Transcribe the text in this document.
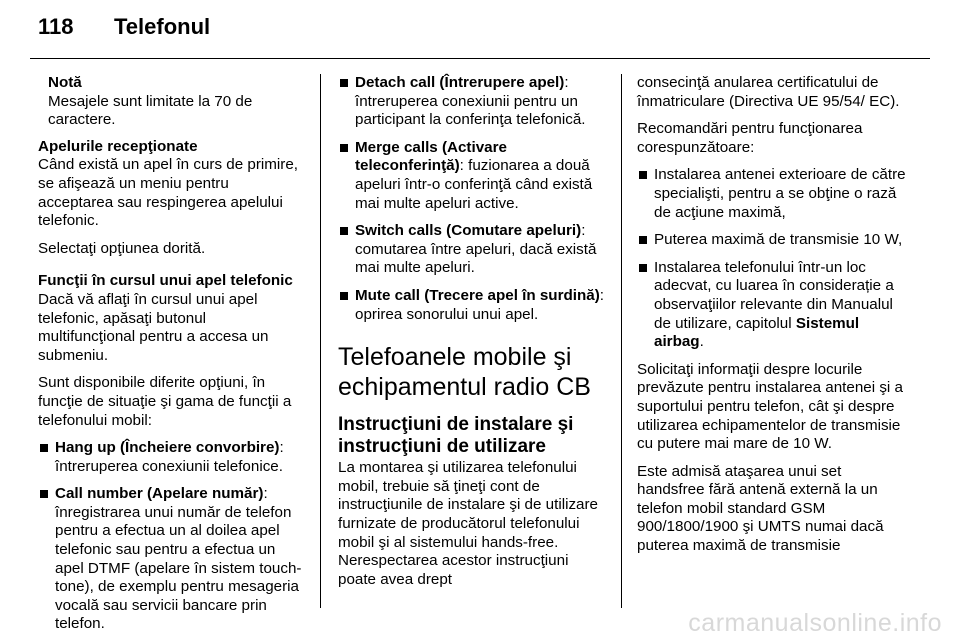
118 Telefonul
Notă
Mesajele sunt limitate la 70 de caractere.
Apelurile recepţionate

Când există un apel în curs de primire, se afişează un meniu pentru acceptarea sau respingerea apelului telefonic.

Selectaţi opţiunea dorită.

Funcţii în cursul unui apel telefonic

Dacă vă aflaţi în cursul unui apel telefonic, apăsaţi butonul multifuncţional pentru a accesa un submeniu.

Sunt disponibile diferite opţiuni, în funcţie de situaţie şi gama de funcţii a telefonului mobil:

Hang up (Încheiere convorbire):
întreruperea conexiunii telefonice.
Call number (Apelare număr):
înregistrarea unui număr de telefon pentru a efectua un al doilea apel telefonic sau pentru a efectua un apel DTMF (apelare în sistem touch-tone), de exemplu pentru mesageria vocală sau servicii bancare prin telefon.
Detach call (Întrerupere apel):
întreruperea conexiunii pentru un participant la conferinţa telefonică.
Merge calls (Activare teleconferinţă): fuzionarea a două apeluri într-o conferinţă când există mai multe apeluri active.
Switch calls (Comutare apeluri):
comutarea între apeluri, dacă există mai multe apeluri.
Mute call (Trecere apel în surdină):
oprirea sonorului unui apel.
Telefoanele mobile şi echipamentul radio CB
Instrucţiuni de instalare şi instrucţiuni de utilizare

La montarea şi utilizarea telefonului mobil, trebuie să ţineţi cont de instrucţiunile de instalare şi de utilizare furnizate de producătorul telefonului mobil şi al sistemului hands-free. Nerespectarea acestor instrucţiuni poate avea drept

consecinţă anularea certificatului de înmatriculare (Directiva UE 95/54/ EC).

Recomandări pentru funcţionarea corespunzătoare:

Instalarea antenei exterioare de către specialişti, pentru a se obţine o rază de acţiune maximă,
Puterea maximă de transmisie 10 W,
Instalarea telefonului într-un loc adecvat, cu luarea în considerație a observaţiilor relevante din Manualul de utilizare, capitolul Sistemul airbag.

Solicitaţi informaţii despre locurile prevăzute pentru instalarea antenei şi a suportului pentru telefon, cât şi despre utilizarea echipamentelor de transmisie cu putere mai mare de 10 W.

Este admisă ataşarea unui set handsfree fără antenă externă la un telefon mobil standard GSM 900/1800/1900 şi UMTS numai dacă puterea maximă de transmisie

carmanualsonline.info
